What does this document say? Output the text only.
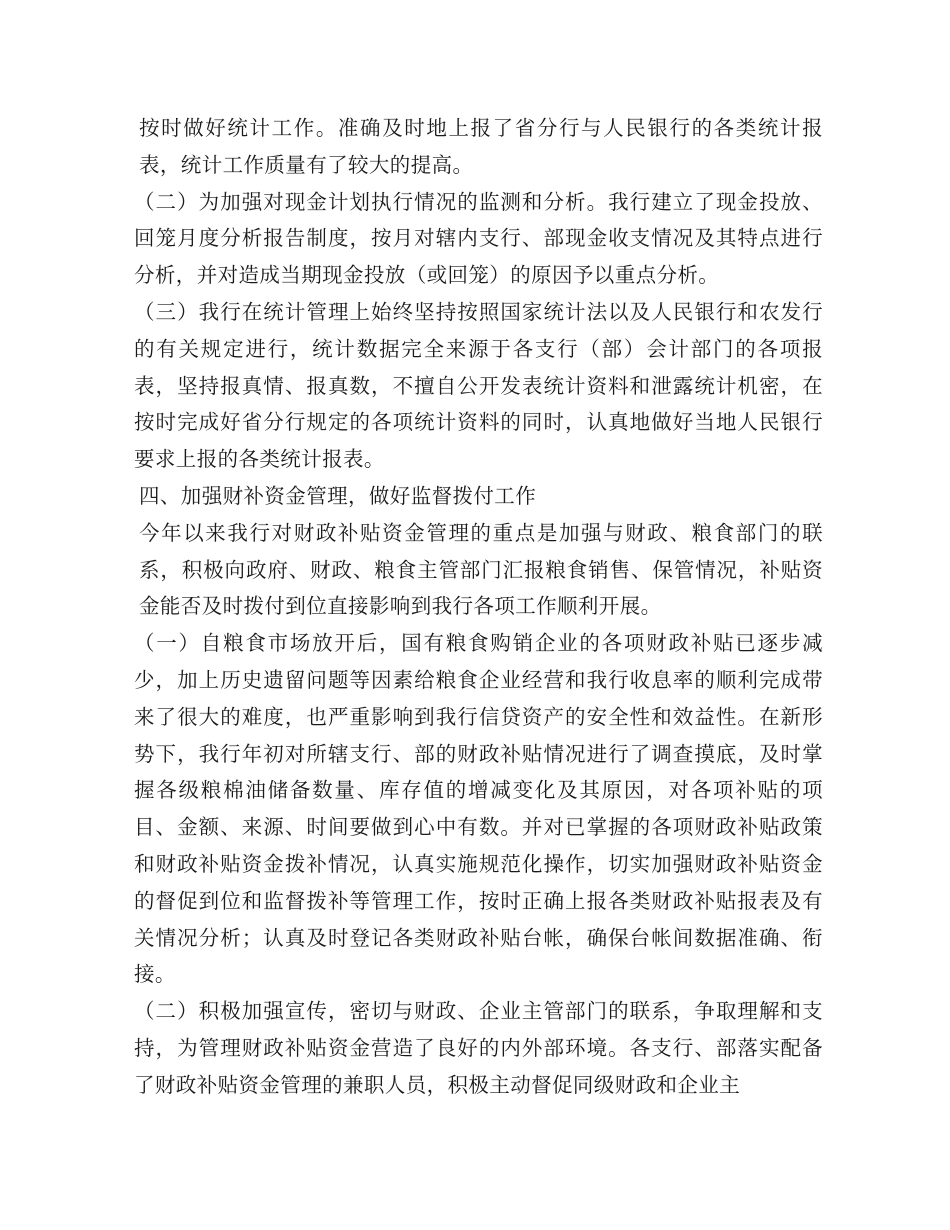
按时做好统计工作。准确及时地上报了省分行与人民银行的各类统计报表，统计工作质量有了较大的提高。

（二）为加强对现金计划执行情况的监测和分析。我行建立了现金投放、回笼月度分析报告制度，按月对辖内支行、部现金收支情况及其特点进行分析，并对造成当期现金投放（或回笼）的原因予以重点分析。

（三）我行在统计管理上始终坚持按照国家统计法以及人民银行和农发行的有关规定进行，统计数据完全来源于各支行（部）会计部门的各项报表，坚持报真情、报真数，不擅自公开发表统计资料和泄露统计机密，在按时完成好省分行规定的各项统计资料的同时，认真地做好当地人民银行要求上报的各类统计报表。

四、加强财补资金管理，做好监督拨付工作

今年以来我行对财政补贴资金管理的重点是加强与财政、粮食部门的联系，积极向政府、财政、粮食主管部门汇报粮食销售、保管情况，补贴资金能否及时拨付到位直接影响到我行各项工作顺利开展。

（一）自粮食市场放开后，国有粮食购销企业的各项财政补贴已逐步减少，加上历史遗留问题等因素给粮食企业经营和我行收息率的顺利完成带来了很大的难度，也严重影响到我行信贷资产的安全性和效益性。在新形势下，我行年初对所辖支行、部的财政补贴情况进行了调查摸底，及时掌握各级粮棉油储备数量、库存值的增减变化及其原因，对各项补贴的项目、金额、来源、时间要做到心中有数。并对已掌握的各项财政补贴政策和财政补贴资金拨补情况，认真实施规范化操作，切实加强财政补贴资金的督促到位和监督拨补等管理工作，按时正确上报各类财政补贴报表及有关情况分析；认真及时登记各类财政补贴台帐，确保台帐间数据准确、衔接。

（二）积极加强宣传，密切与财政、企业主管部门的联系，争取理解和支持，为管理财政补贴资金营造了良好的内外部环境。各支行、部落实配备了财政补贴资金管理的兼职人员，积极主动督促同级财政和企业主
